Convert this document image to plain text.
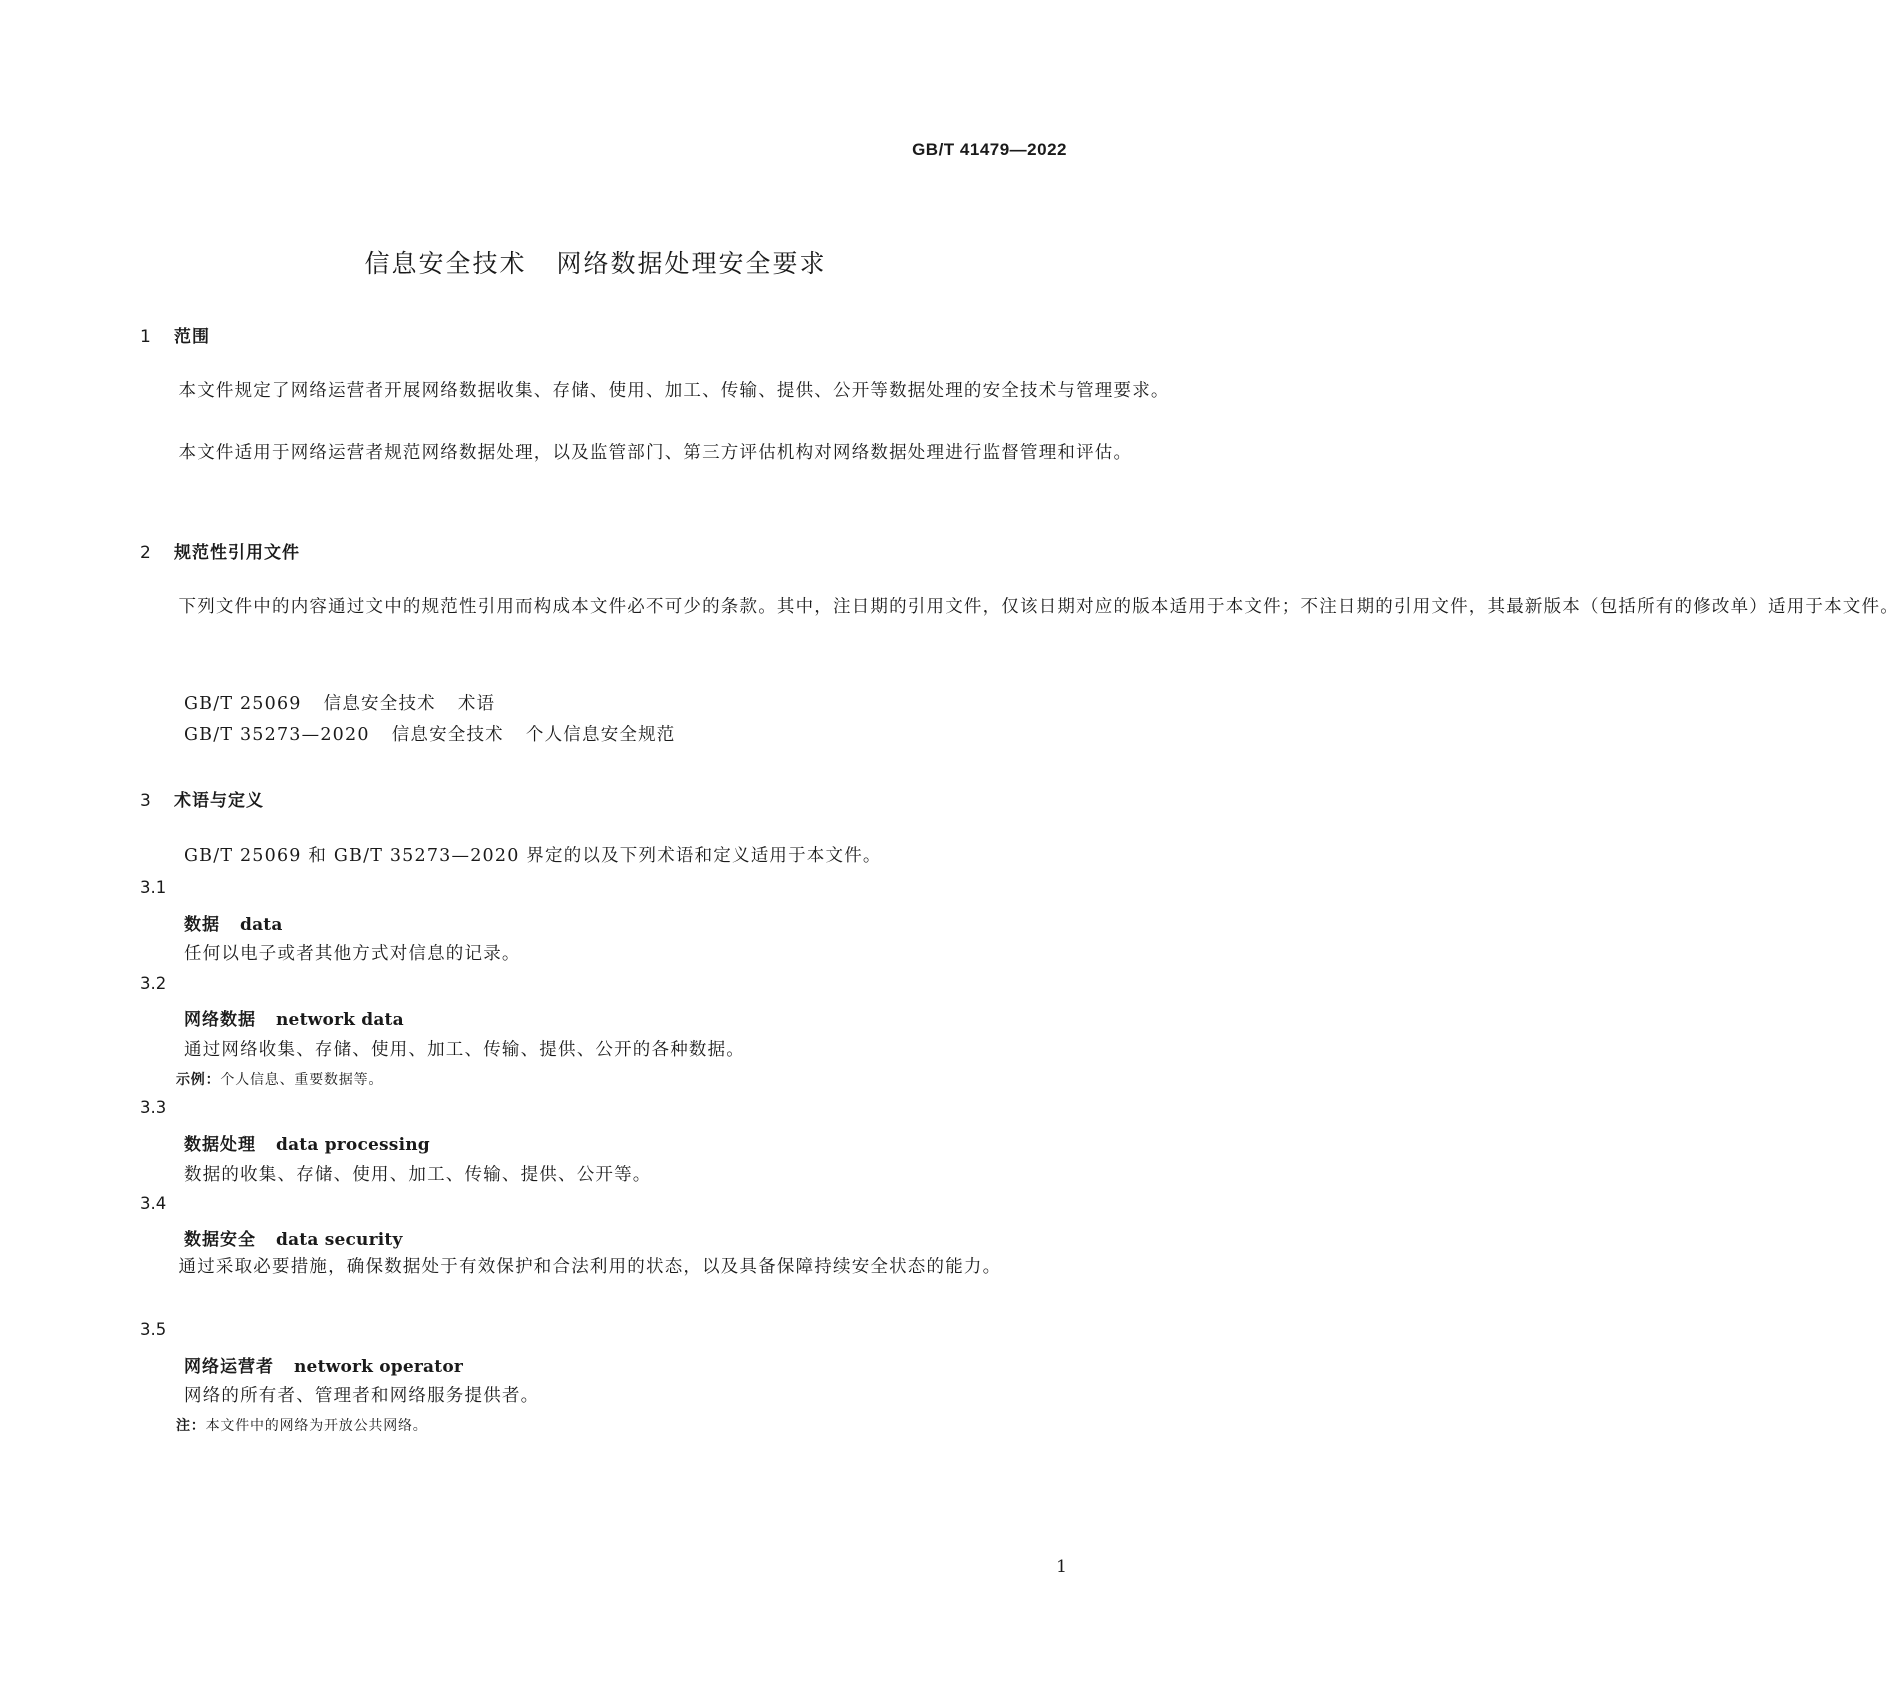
GB/T 41479—2022
信息安全技术 网络数据处理安全要求
1 范围
本文件规定了网络运营者开展网络数据收集、存储、使用、加工、传输、提供、公开等数据处理的安全技术与管理要求。
本文件适用于网络运营者规范网络数据处理，以及监管部门、第三方评估机构对网络数据处理进行监督管理和评估。
2 规范性引用文件
下列文件中的内容通过文中的规范性引用而构成本文件必不可少的条款。其中，注日期的引用文件，仅该日期对应的版本适用于本文件；不注日期的引用文件，其最新版本（包括所有的修改单）适用于本文件。
GB/T 25069 信息安全技术 术语
GB/T 35273—2020 信息安全技术 个人信息安全规范
3 术语与定义
GB/T 25069 和 GB/T 35273—2020 界定的以及下列术语和定义适用于本文件。
3.1
数据 data
任何以电子或者其他方式对信息的记录。
3.2
网络数据 network data
通过网络收集、存储、使用、加工、传输、提供、公开的各种数据。
示例：个人信息、重要数据等。
3.3
数据处理 data processing
数据的收集、存储、使用、加工、传输、提供、公开等。
3.4
数据安全 data security
通过采取必要措施，确保数据处于有效保护和合法利用的状态，以及具备保障持续安全状态的能力。
3.5
网络运营者 network operator
网络的所有者、管理者和网络服务提供者。
注：本文件中的网络为开放公共网络。
1
